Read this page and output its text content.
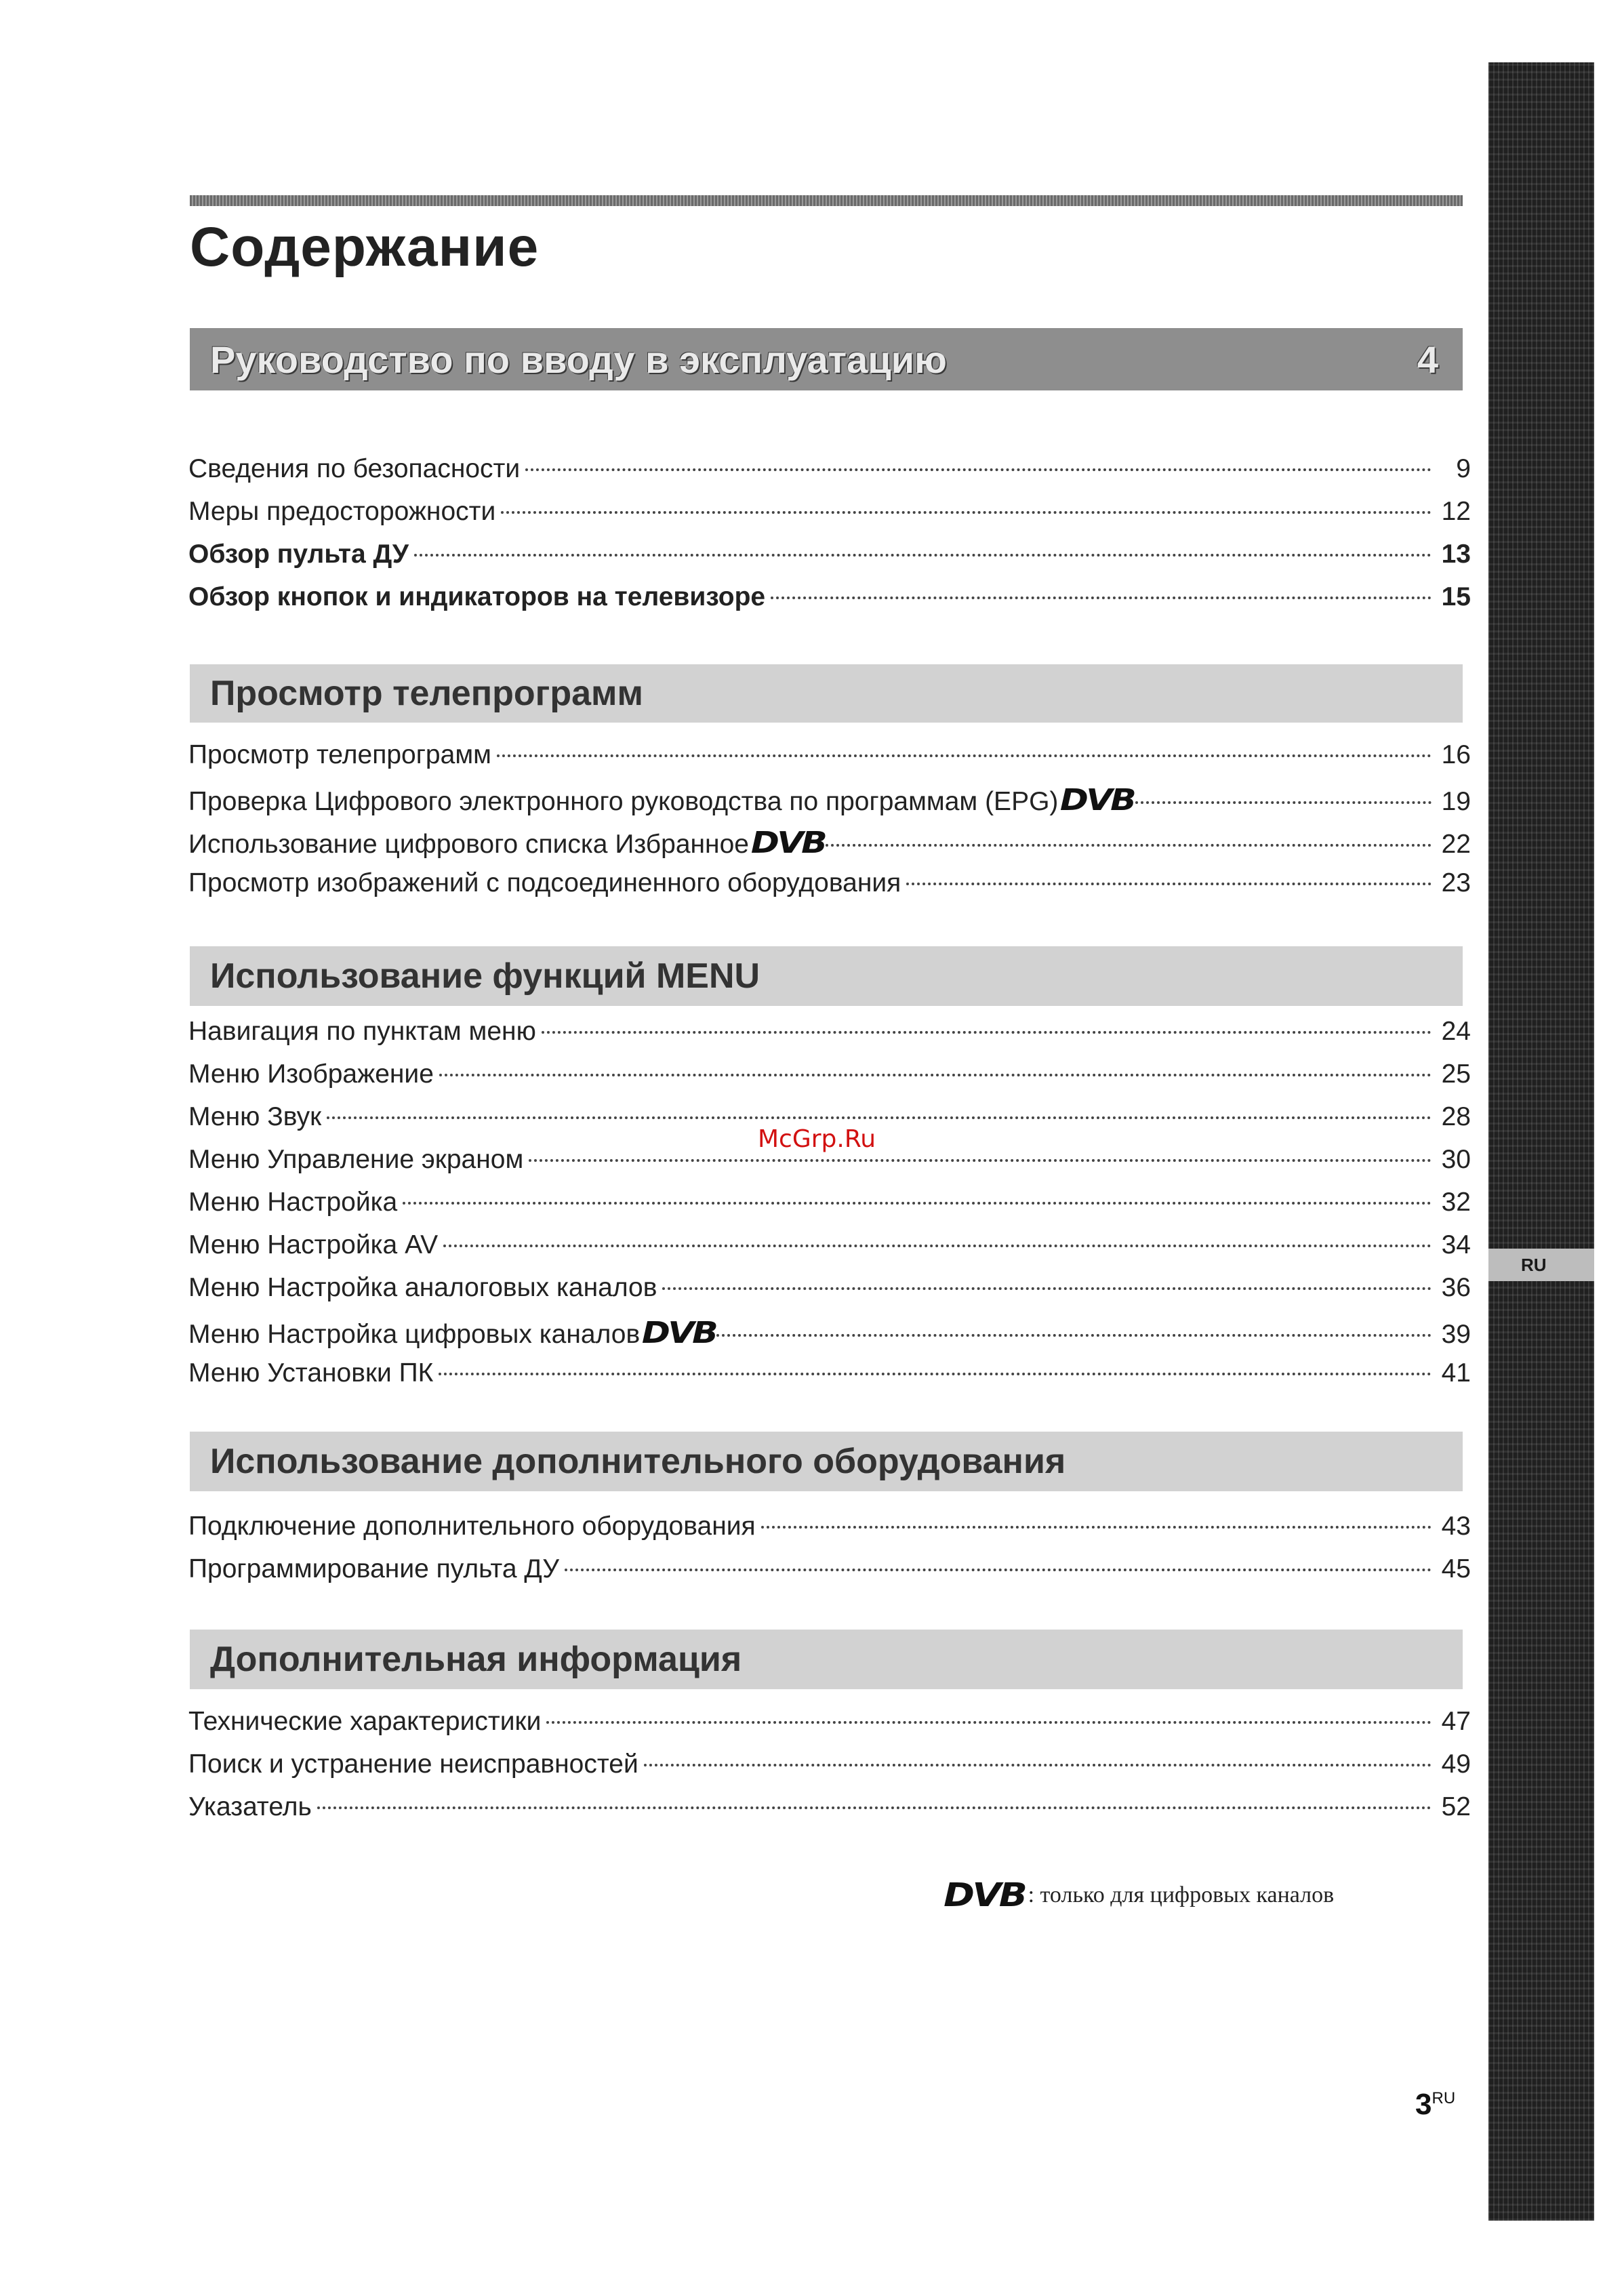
RU
Содержание
Руководство по вводу в эксплуатацию	4
Сведения по безопасности	9
Меры предосторожности	12
Обзор пульта ДУ	13
Обзор кнопок и индикаторов на телевизоре	15
Просмотр телепрограмм
Просмотр телепрограмм	16
Проверка Цифрового электронного руководства по программам (EPG) DVB	19
Использование цифрового списка Избранное DVB	22
Просмотр изображений с подсоединенного оборудования	23
Использование функций MENU
Навигация по пунктам меню	24
Меню Изображение	25
Меню Звук	28
Меню Управление экраном	30
Меню Настройка	32
Меню Настройка AV	34
Меню Настройка аналоговых каналов	36
Меню Настройка цифровых каналов DVB	39
Меню Установки ПК	41
McGrp.Ru
Использование дополнительного оборудования
Подключение дополнительного оборудования	43
Программирование пульта ДУ	45
Дополнительная информация
Технические характеристики	47
Поиск и устранение неисправностей	49
Указатель	52
DVB : только для цифровых каналов
$3^{RU}$
